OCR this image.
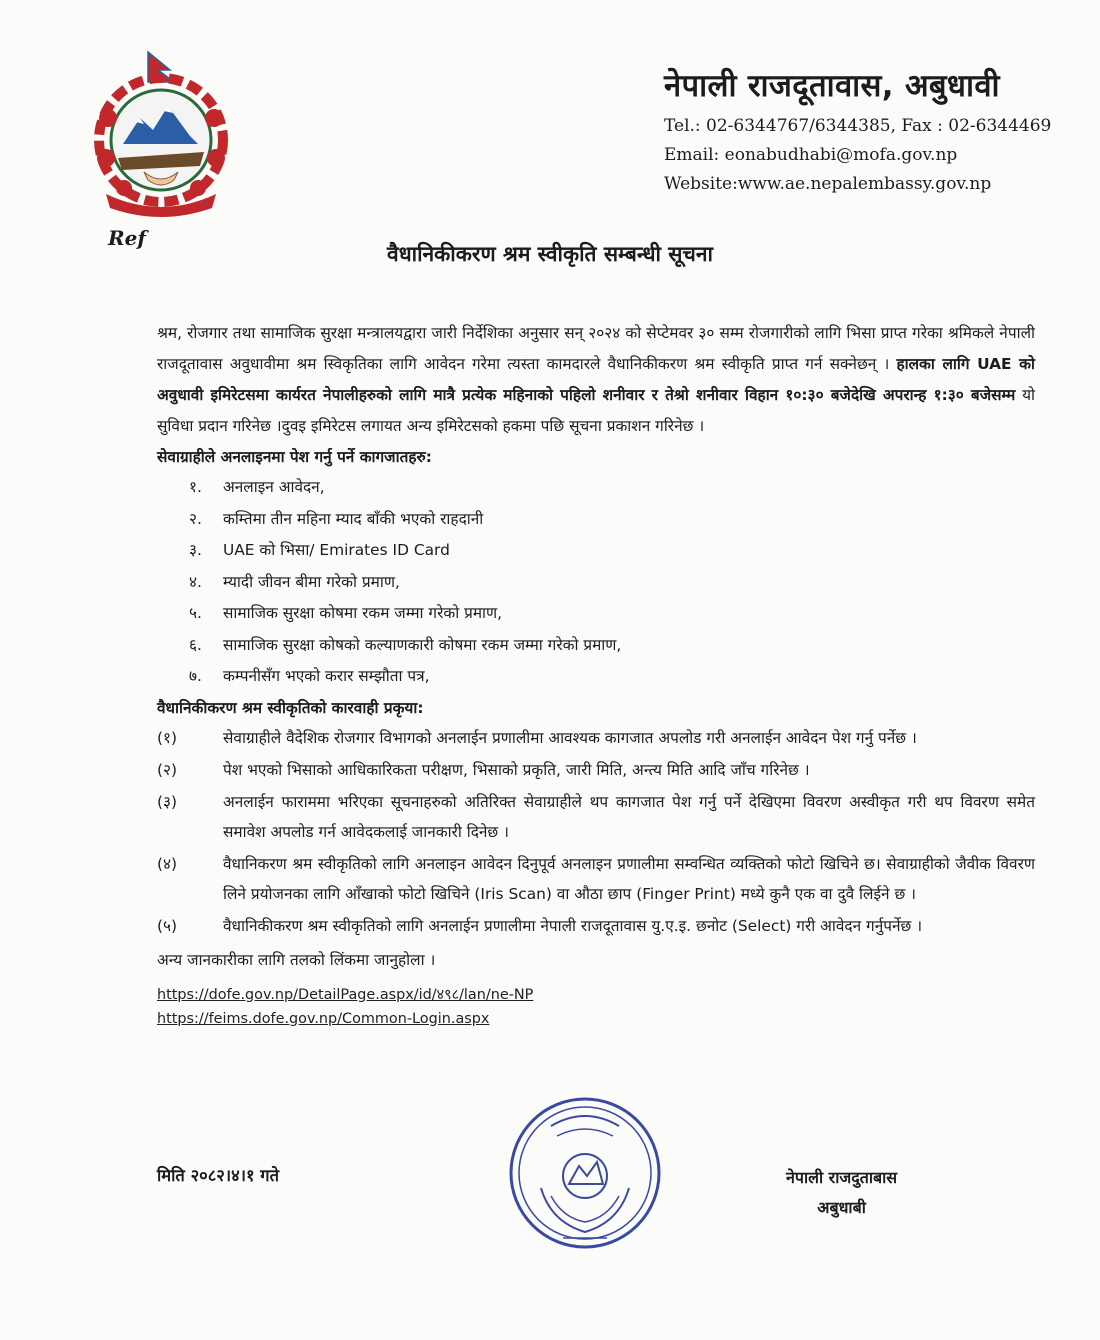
Ref
नेपाली राजदूतावास, अबुधावी
Tel.: 02-6344767/6344385, Fax : 02-6344469
Email: eonabudhabi@mofa.gov.np
Website:www.ae.nepalembassy.gov.np
वैधानिकीकरण श्रम स्वीकृति सम्बन्धी सूचना

श्रम, रोजगार तथा सामाजिक सुरक्षा मन्त्रालयद्वारा जारी निर्देशिका अनुसार सन् २०२४ को सेप्टेमवर ३० सम्म रोजगारीको लागि भिसा प्राप्त गरेका श्रमिकले नेपाली राजदूतावास अवुधावीमा श्रम स्विकृतिका लागि आवेदन गरेमा त्यस्ता कामदारले वैधानिकीकरण श्रम स्वीकृति प्राप्त गर्न सक्नेछन् । हालका लागि UAE को अवुधावी इमिरेटसमा कार्यरत नेपालीहरुको लागि मात्रै प्रत्येक महिनाको पहिलो शनीवार र तेश्रो शनीवार विहान १०:३० बजेदेखि अपरान्ह १:३० बजेसम्म यो सुविधा प्रदान गरिनेछ ।दुवइ इमिरेटस लगायत अन्य इमिरेटसको हकमा पछि सूचना प्रकाशन गरिनेछ ।

सेवाग्राहीले अनलाइनमा पेश गर्नु पर्ने कागजातहरु:

१.	अनलाइन आवेदन,
२.	कम्तिमा तीन महिना म्याद बाँकी भएको राहदानी
३.	UAE को भिसा/ Emirates ID Card
४.	म्यादी जीवन बीमा गरेको प्रमाण,
५.	सामाजिक सुरक्षा कोषमा रकम जम्मा गरेको प्रमाण,
६.	सामाजिक सुरक्षा कोषको कल्याणकारी कोषमा रकम जम्मा गरेको प्रमाण,
७.	कम्पनीसँग भएको करार सम्झौता पत्र,

वैधानिकीकरण श्रम स्वीकृतिको कारवाही प्रकृया:

(१)	सेवाग्राहीले वैदेशिक रोजगार विभागको अनलाईन प्रणालीमा आवश्यक कागजात अपलोड गरी अनलाईन आवेदन पेश गर्नु पर्नेछ ।
(२)	पेश भएको भिसाको आधिकारिकता परीक्षण, भिसाको प्रकृति, जारी मिति, अन्त्य मिति आदि जाँच गरिनेछ ।
(३)	अनलाईन फाराममा भरिएका सूचनाहरुको अतिरिक्त सेवाग्राहीले थप कागजात पेश गर्नु पर्ने देखिएमा विवरण अस्वीकृत गरी थप विवरण समेत समावेश अपलोड गर्न आवेदकलाई जानकारी दिनेछ ।
(४)	वैधानिकरण श्रम स्वीकृतिको लागि अनलाइन आवेदन दिनुपूर्व अनलाइन प्रणालीमा सम्वन्धित व्यक्तिको फोटो खिचिने छ। सेवाग्राहीको जैवीक विवरण लिने प्रयोजनका लागि आँखाको फोटो खिचिने (Iris Scan) वा औठा छाप (Finger Print) मध्ये कुनै एक वा दुवै लिईने छ ।
(५)	वैधानिकीकरण श्रम स्वीकृतिको लागि अनलाईन प्रणालीमा नेपाली राजदूतावास यु.ए.इ. छनोट (Select) गरी आवेदन गर्नुपर्नेछ ।
अन्य जानकारीका लागि तलको लिंकमा जानुहोला ।
https://dofe.gov.np/DetailPage.aspx/id/४९८/lan/ne-NP
https://feims.dofe.gov.np/Common-Login.aspx
मिति २०८२।४।१ गते	नेपाली राजदुताबास
अबुधाबी
